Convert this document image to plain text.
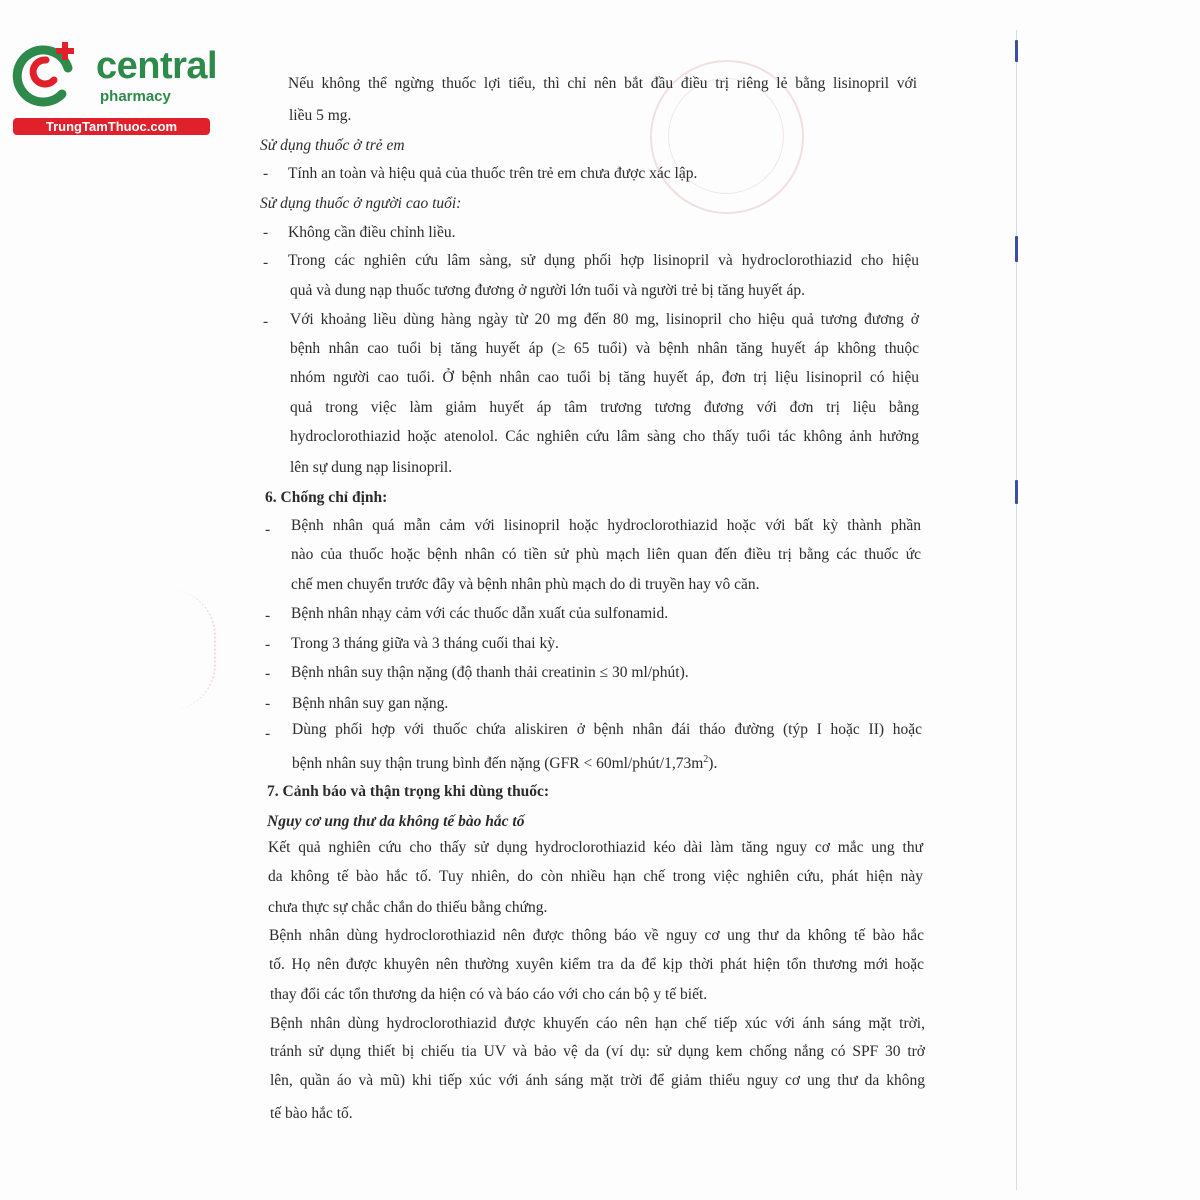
central
pharmacy
TrungTamThuoc.com
Nếu không thể ngừng thuốc lợi tiểu, thì chỉ nên bắt đầu điều trị riêng lẻ bằng lisinopril với
liều 5 mg.
Sử dụng thuốc ở trẻ em
- Tính an toàn và hiệu quả của thuốc trên trẻ em chưa được xác lập.
Sử dụng thuốc ở người cao tuổi:
- Không cần điều chỉnh liều.
- Trong các nghiên cứu lâm sàng, sử dụng phối hợp lisinopril và hydroclorothiazid cho hiệu
quả và dung nạp thuốc tương đương ở người lớn tuổi và người trẻ bị tăng huyết áp.
- Với khoảng liều dùng hàng ngày từ 20 mg đến 80 mg, lisinopril cho hiệu quả tương đương ở
bệnh nhân cao tuổi bị tăng huyết áp (≥ 65 tuổi) và bệnh nhân tăng huyết áp không thuộc
nhóm người cao tuổi. Ở bệnh nhân cao tuổi bị tăng huyết áp, đơn trị liệu lisinopril có hiệu
quả trong việc làm giảm huyết áp tâm trương tương đương với đơn trị liệu bằng
hydroclorothiazid hoặc atenolol. Các nghiên cứu lâm sàng cho thấy tuổi tác không ảnh hưởng
lên sự dung nạp lisinopril.
6. Chống chỉ định:
- Bệnh nhân quá mẫn cảm với lisinopril hoặc hydroclorothiazid hoặc với bất kỳ thành phần
nào của thuốc hoặc bệnh nhân có tiền sử phù mạch liên quan đến điều trị bằng các thuốc ức
chế men chuyển trước đây và bệnh nhân phù mạch do di truyền hay vô căn.
- Bệnh nhân nhạy cảm với các thuốc dẫn xuất của sulfonamid.
- Trong 3 tháng giữa và 3 tháng cuối thai kỳ.
- Bệnh nhân suy thận nặng (độ thanh thải creatinin ≤ 30 ml/phút).
- Bệnh nhân suy gan nặng.
- Dùng phối hợp với thuốc chứa aliskiren ở bệnh nhân đái tháo đường (týp I hoặc II) hoặc
bệnh nhân suy thận trung bình đến nặng $(GFR < 60ml/phút/1,73m^2)$.
7. Cảnh báo và thận trọng khi dùng thuốc:
Nguy cơ ung thư da không tế bào hắc tố
Kết quả nghiên cứu cho thấy sử dụng hydroclorothiazid kéo dài làm tăng nguy cơ mắc ung thư
da không tế bào hắc tố. Tuy nhiên, do còn nhiều hạn chế trong việc nghiên cứu, phát hiện này
chưa thực sự chắc chắn do thiếu bằng chứng.
Bệnh nhân dùng hydroclorothiazid nên được thông báo về nguy cơ ung thư da không tế bào hắc
tố. Họ nên được khuyên nên thường xuyên kiểm tra da để kịp thời phát hiện tổn thương mới hoặc
thay đổi các tổn thương da hiện có và báo cáo với cho cán bộ y tế biết.
Bệnh nhân dùng hydroclorothiazid được khuyến cáo nên hạn chế tiếp xúc với ánh sáng mặt trời,
tránh sử dụng thiết bị chiếu tia UV và bảo vệ da (ví dụ: sử dụng kem chống nắng có SPF 30 trở
lên, quần áo và mũ) khi tiếp xúc với ánh sáng mặt trời để giảm thiểu nguy cơ ung thư da không
tế bào hắc tố.
